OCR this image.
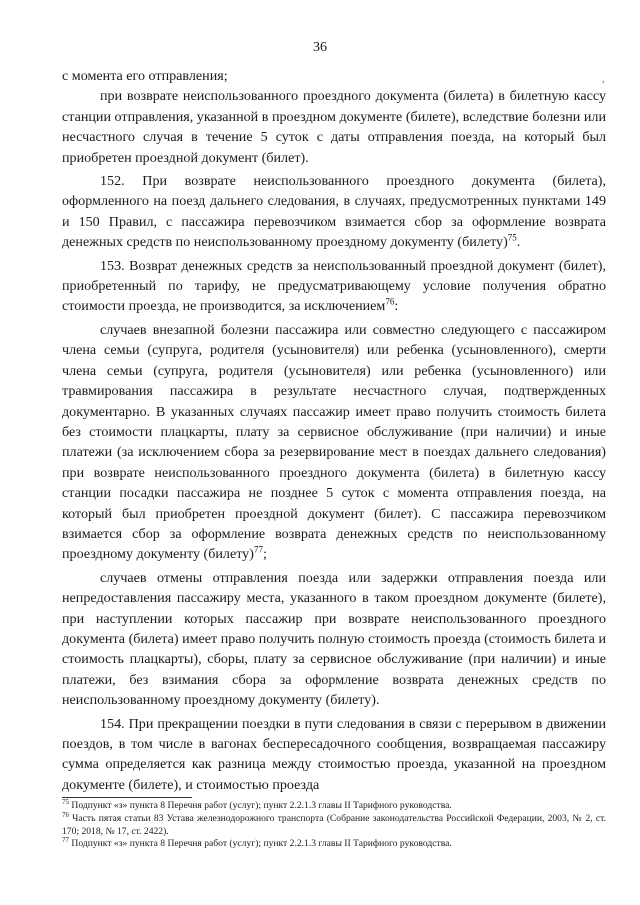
36
,

с момента его отправления;

при возврате неиспользованного проездного документа (билета) в билетную кассу станции отправления, указанной в проездном документе (билете), вследствие болезни или несчастного случая в течение 5 суток с даты отправления поезда, на который был приобретен проездной документ (билет).

152. При возврате неиспользованного проездного документа (билета), оформленного на поезд дальнего следования, в случаях, предусмотренных пунктами 149 и 150 Правил, с пассажира перевозчиком взимается сбор за оформление возврата денежных средств по неиспользованному проездному документу (билету)$^{75}$.

153. Возврат денежных средств за неиспользованный проездной документ (билет), приобретенный по тарифу, не предусматривающему условие получения обратно стоимости проезда, не производится, за исключением$^{76}$:

случаев внезапной болезни пассажира или совместно следующего с пассажиром члена семьи (супруга, родителя (усыновителя) или ребенка (усыновленного), смерти члена семьи (супруга, родителя (усыновителя) или ребенка (усыновленного) или травмирования пассажира в результате несчастного случая, подтвержденных документарно. В указанных случаях пассажир имеет право получить стоимость билета без стоимости плацкарты, плату за сервисное обслуживание (при наличии) и иные платежи (за исключением сбора за резервирование мест в поездах дальнего следования) при возврате неиспользованного проездного документа (билета) в билетную кассу станции посадки пассажира не позднее 5 суток с момента отправления поезда, на который был приобретен проездной документ (билет). С пассажира перевозчиком взимается сбор за оформление возврата денежных средств по неиспользованному проездному документу (билету)$^{77}$;

случаев отмены отправления поезда или задержки отправления поезда или непредоставления пассажиру места, указанного в таком проездном документе (билете), при наступлении которых пассажир при возврате неиспользованного проездного документа (билета) имеет право получить полную стоимость проезда (стоимость билета и стоимость плацкарты), сборы, плату за сервисное обслуживание (при наличии) и иные платежи, без взимания сбора за оформление возврата денежных средств по неиспользованному проездному документу (билету).

154. При прекращении поездки в пути следования в связи с перерывом в движении поездов, в том числе в вагонах беспересадочного сообщения, возвращаемая пассажиру сумма определяется как разница между стоимостью проезда, указанной на проездном документе (билете), и стоимостью проезда

$^{75}$ Подпункт «з» пункта 8 Перечня работ (услуг); пункт 2.2.1.3 главы II Тарифного руководства.

$^{76}$ Часть пятая статьи 83 Устава железнодорожного транспорта (Собрание законодательства Российской Федерации, 2003, № 2, ст. 170; 2018, № 17, ст. 2422).

$^{77}$ Подпункт «з» пункта 8 Перечня работ (услуг); пункт 2.2.1.3 главы II Тарифного руководства.
